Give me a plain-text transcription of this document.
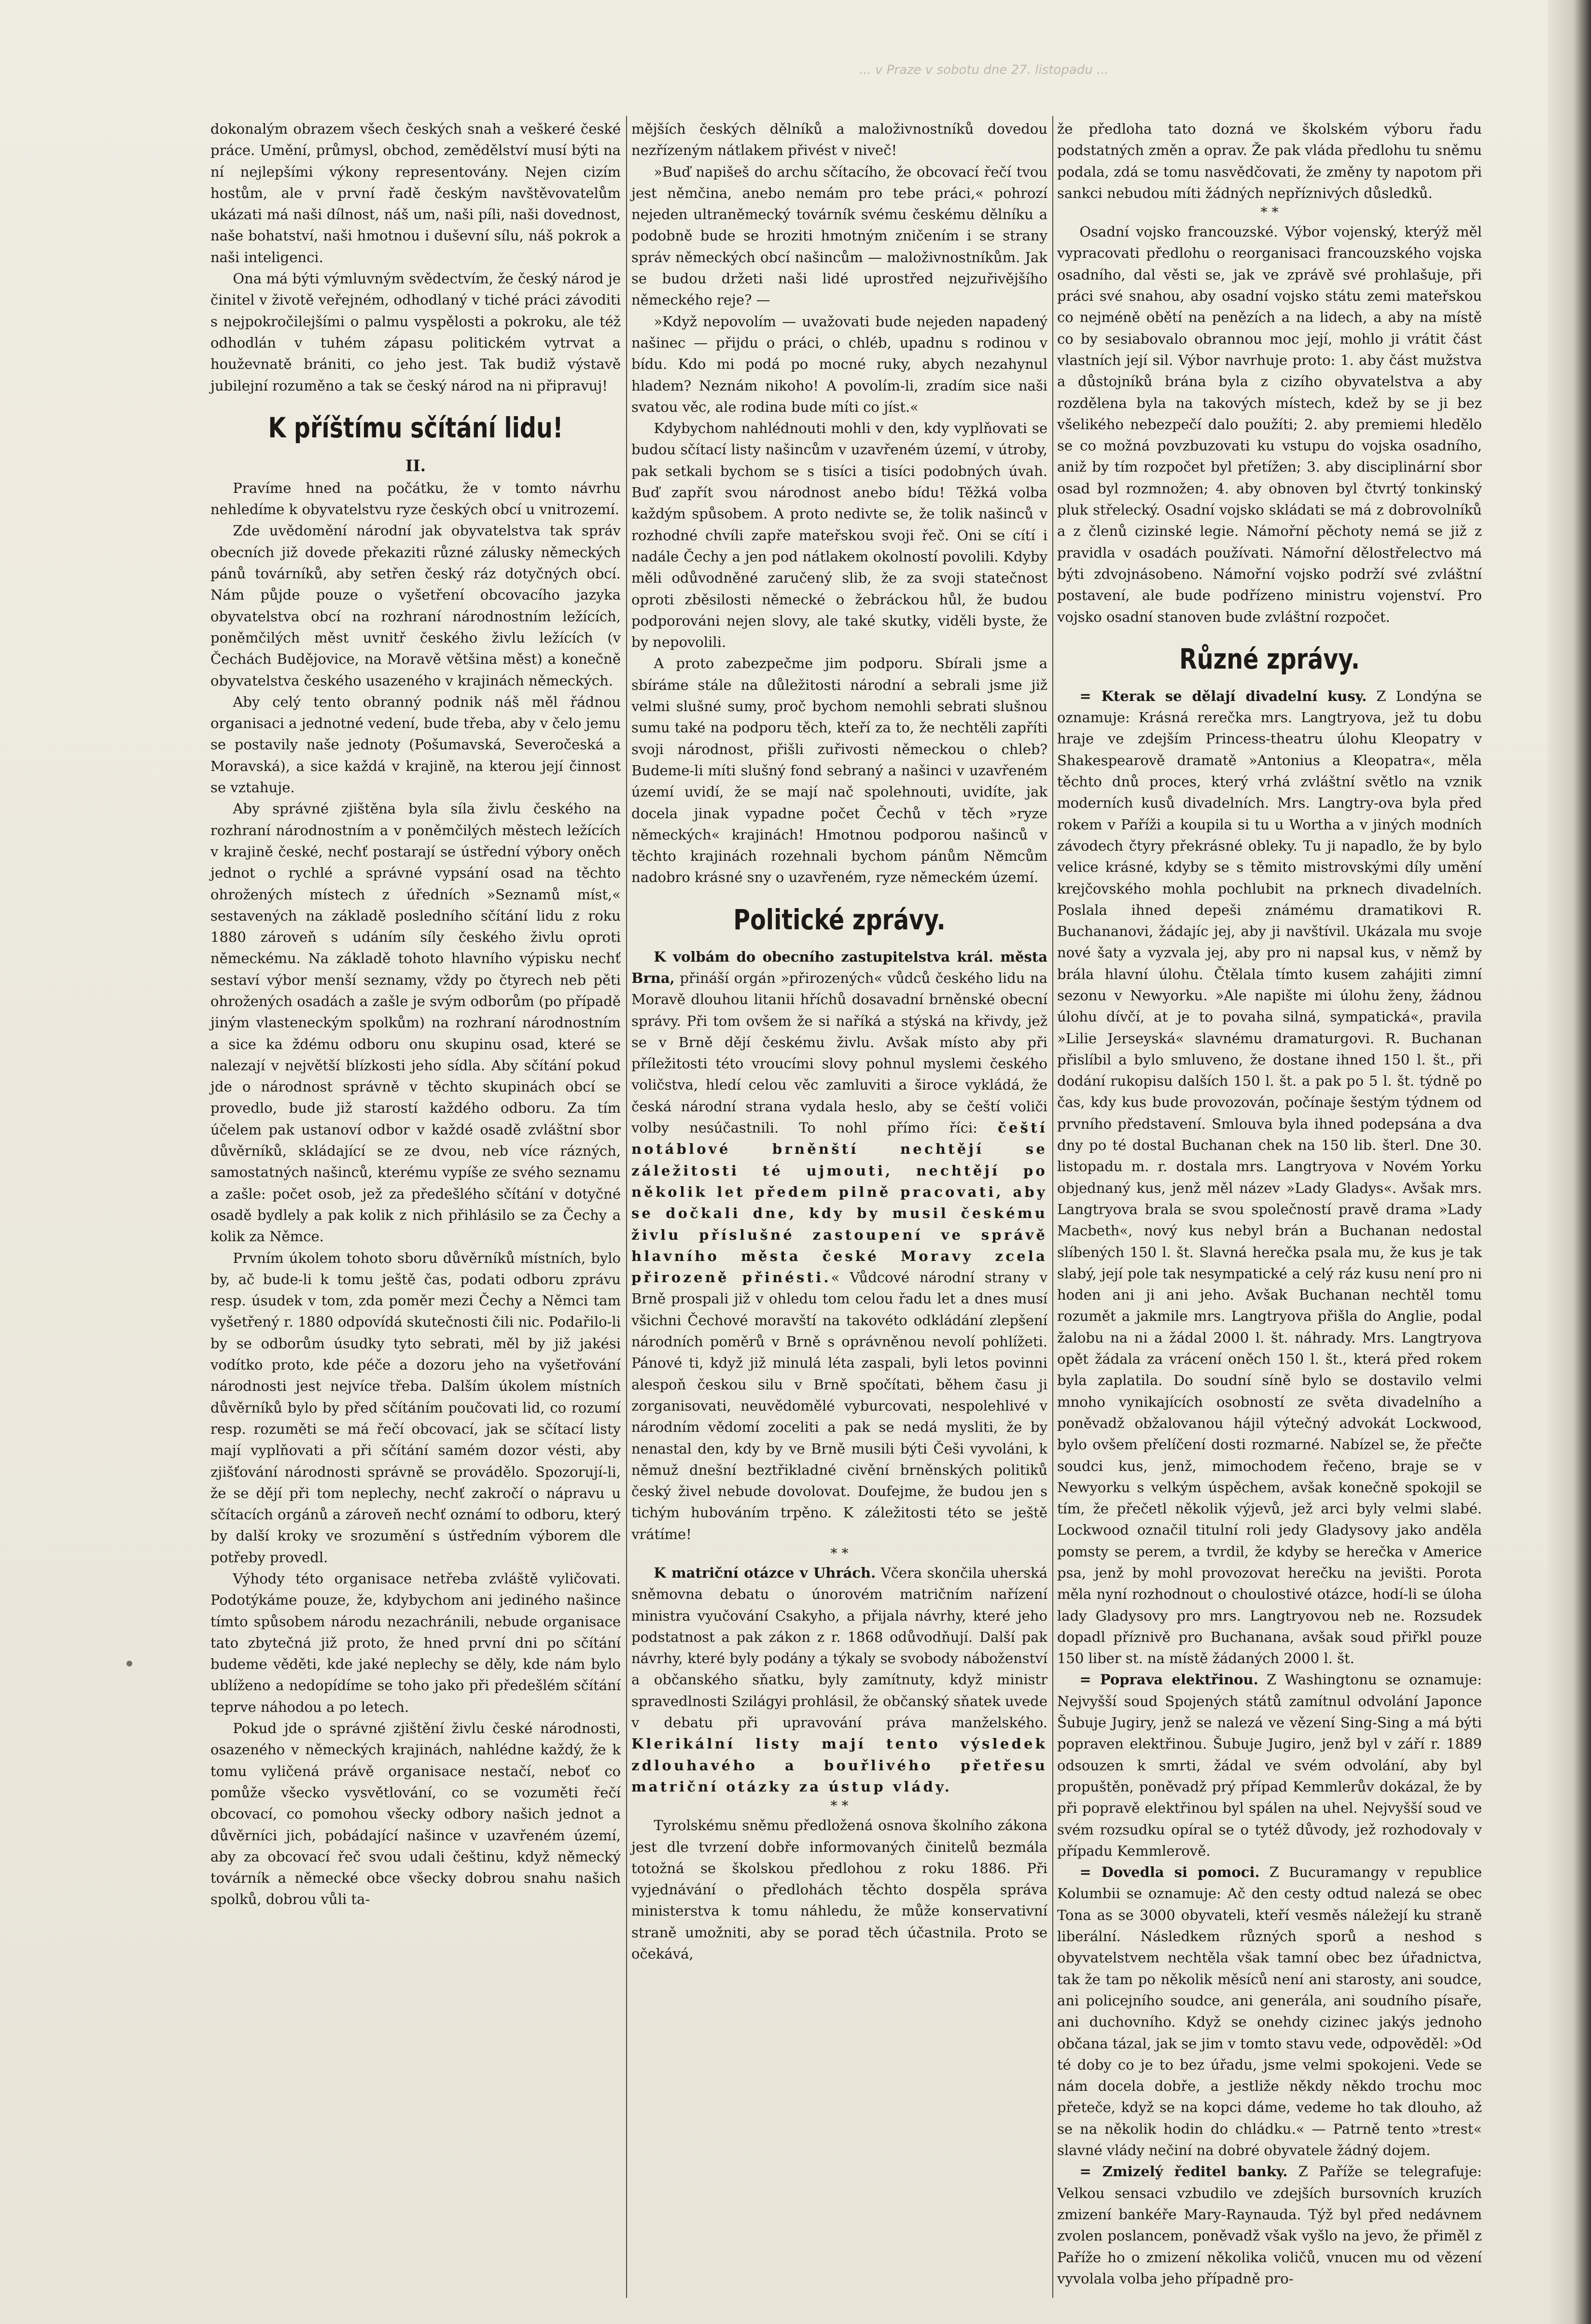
... v Praze v sobotu dne 27. listopadu ...

dokonalým obrazem všech českých snah a veškeré české práce. Umění, průmysl, obchod, zemědělství musí býti na ní nejlepšími výkony representovány. Nejen cizím hostům, ale v první řadě českým navštěvovatelům ukázati má naši dílnost, náš um, naši píli, naši dovednost, naše bohatství, naši hmotnou i duševní sílu, náš pokrok a naši inteligenci.

Ona má býti výmluvným svědectvím, že český národ je činitel v životě veřejném, odhodlaný v tiché práci závoditi s nejpokročilejšími o palmu vyspělosti a pokroku, ale též odhodlán v tuhém zápasu politickém vytrvat a houževnatě brániti, co jeho jest. Tak budiž výstavě jubilejní rozuměno a tak se český národ na ni připravuj!

K příštímu sčítání lidu!
II.

Pravíme hned na počátku, že v tomto návrhu nehledíme k obyvatelstvu ryze českých obcí u vnitrozemí.

Zde uvědomění národní jak obyvatelstva tak správ obecních již dovede překaziti různé zálusky německých pánů továrníků, aby setřen český ráz dotyčných obcí. Nám půjde pouze o vyšetření obcovacího jazyka obyvatelstva obcí na rozhraní národnostním ležících, poněmčilých měst uvnitř českého živlu ležících (v Čechách Budějovice, na Moravě většina měst) a konečně obyvatelstva českého usazeného v krajinách německých.

Aby celý tento obranný podnik náš měl řádnou organisaci a jednotné vedení, bude třeba, aby v čelo jemu se postavily naše jednoty (Pošumavská, Severočeská a Moravská), a sice každá v krajině, na kterou její činnost se vztahuje.

Aby správné zjištěna byla síla živlu českého na rozhraní národnostním a v poněmčilých městech ležících v krajině české, nechť postarají se ústřední výbory oněch jednot o rychlé a správné vypsání osad na těchto ohrožených místech z úředních »Seznamů míst,« sestavených na základě posledního sčítání lidu z roku 1880 zároveň s udáním síly českého živlu oproti německému. Na základě tohoto hlavního výpisku nechť sestaví výbor menší seznamy, vždy po čtyrech neb pěti ohrožených osadách a zašle je svým odborům (po případě jiným vlasteneckým spolkům) na rozhraní národnostním a sice ka ždému odboru onu skupinu osad, které se nalezají v největší blízkosti jeho sídla. Aby sčítání pokud jde o národnost správně v těchto skupinách obcí se provedlo, bude již starostí každého odboru. Za tím účelem pak ustanoví odbor v každé osadě zvláštní sbor důvěrníků, skládající se ze dvou, neb více rázných, samostatných našinců, kterému vypíše ze svého seznamu a zašle: počet osob, jež za předešlého sčítání v dotyčné osadě bydlely a pak kolik z nich přihlásilo se za Čechy a kolik za Němce.

Prvním úkolem tohoto sboru důvěrníků místních, bylo by, ač bude-li k tomu ještě čas, podati odboru zprávu resp. úsudek v tom, zda poměr mezi Čechy a Němci tam vyšetřený r. 1880 odpovídá skutečnosti čili nic. Podařilo-li by se odborům úsudky tyto sebrati, měl by již jakési vodítko proto, kde péče a dozoru jeho na vyšetřování národnosti jest nejvíce třeba. Dalším úkolem místních důvěrníků bylo by před sčítáním poučovati lid, co rozumí resp. rozuměti se má řečí obcovací, jak se sčítací listy mají vyplňovati a při sčítání samém dozor vésti, aby zjišťování národnosti správně se provádělo. Spozorují-li, že se dějí při tom neplechy, nechť zakročí o nápravu u sčítacích orgánů a zároveň nechť oznámí to odboru, který by další kroky ve srozumění s ústředním výborem dle potřeby provedl.

Výhody této organisace netřeba zvláště vyličovati. Podotýkáme pouze, že, kdybychom ani jediného našince tímto spůsobem národu nezachránili, nebude organisace tato zbytečná již proto, že hned první dni po sčítání budeme věděti, kde jaké neplechy se děly, kde nám bylo ublíženo a nedopídíme se toho jako při předešlém sčítání teprve náhodou a po letech.

Pokud jde o správné zjištění živlu české národnosti, osazeného v německých krajinách, nahlédne každý, že k tomu vyličená právě organisace nestačí, neboť co pomůže všecko vysvětlování, co se vozuměti řečí obcovací, co pomohou všecky odbory našich jednot a důvěrníci jich, pobádající našince v uzavřeném území, aby za obcovací řeč svou udali češtinu, když německý továrník a německé obce všecky dobrou snahu našich spolků, dobrou vůli ta-

mějších českých dělníků a maloživnostníků dovedou nezřízeným nátlakem přivést v niveč!

»Buď napišeš do archu sčítacího, že obcovací řečí tvou jest němčina, anebo nemám pro tebe práci,« pohrozí nejeden ultraněmecký továrník svému českému dělníku a podobně bude se hroziti hmotným zničením i se strany správ německých obcí našincům — maloživnostníkům. Jak se budou držeti naši lidé uprostřed nejzuřivějšího německého reje? —

»Když nepovolím — uvažovati bude nejeden napadený našinec — přijdu o práci, o chléb, upadnu s rodinou v bídu. Kdo mi podá po mocné ruky, abych nezahynul hladem? Neznám nikoho! A povolím-li, zradím sice naši svatou věc, ale rodina bude míti co jíst.«

Kdybychom nahlédnouti mohli v den, kdy vyplňovati se budou sčítací listy našincům v uzavřeném území, v útroby, pak setkali bychom se s tisíci a tisíci podobných úvah. Buď zapřít svou národnost anebo bídu! Těžká volba každým spůsobem. A proto nedivte se, že tolik našinců v rozhodné chvíli zapře mateřskou svoji řeč. Oni se cítí i nadále Čechy a jen pod nátlakem okolností povolili. Kdyby měli odůvodněné zaručený slib, že za svoji statečnost oproti zběsilosti německé o žebráckou hůl, že budou podporováni nejen slovy, ale také skutky, viděli byste, že by nepovolili.

A proto zabezpečme jim podporu. Sbírali jsme a sbíráme stále na důležitosti národní a sebrali jsme již velmi slušné sumy, proč bychom nemohli sebrati slušnou sumu také na podporu těch, kteří za to, že nechtěli zapříti svoji národnost, přišli zuřivosti německou o chleb? Budeme-li míti slušný fond sebraný a našinci v uzavřeném území uvidí, že se mají nač spolehnouti, uvidíte, jak docela jinak vypadne počet Čechů v těch »ryze německých« krajinách! Hmotnou podporou našinců v těchto krajinách rozehnali bychom pánům Němcům nadobro krásné sny o uzavřeném, ryze německém území.

Politické zprávy.

K volbám do obecního zastupitelstva král. města Brna, přináší orgán »přirozených« vůdců českého lidu na Moravě dlouhou litanii hříchů dosavadní brněnské obecní správy. Při tom ovšem že si naříká a stýská na křivdy, jež se v Brně dějí českému živlu. Avšak místo aby při příležitosti této vroucími slovy pohnul myslemi českého voličstva, hledí celou věc zamluviti a široce vykládá, že česká národní strana vydala heslo, aby se čeští voliči volby nesúčastnili. To nohl přímo říci: čeští notáblové brněnští nechtějí se záležitosti té ujmouti, nechtějí po několik let předem pilně pracovati, aby se dočkali dne, kdy by musil českému živlu příslušné zastoupení ve správě hlavního města české Moravy zcela přirozeně přinésti.« Vůdcové národní strany v Brně prospali již v ohledu tom celou řadu let a dnes musí všichni Čechové moravští na takovéto odkládání zlepšení národních poměrů v Brně s oprávněnou nevolí pohlížeti. Pánové ti, když již minulá léta zaspali, byli letos povinni alespoň českou silu v Brně spočítati, během času ji zorganisovati, neuvědomělé vyburcovati, nespolehlivé v národním vědomí zoceliti a pak se nedá mysliti, že by nenastal den, kdy by ve Brně musili býti Češi vyvoláni, k němuž dnešní beztřikladné civění brněnských politiků český živel nebude dovolovat. Doufejme, že budou jen s tichým hubováním trpěno. K záležitosti této se ještě vrátíme!

* *

K matriční otázce v Uhrách. Včera skončila uherská sněmovna debatu o únorovém matričním nařízení ministra vyučování Csakyho, a přijala návrhy, které jeho podstatnost a pak zákon z r. 1868 odůvodňují. Další pak návrhy, které byly podány a týkaly se svobody náboženství a občanského sňatku, byly zamítnuty, když ministr spravedlnosti Szilágyi prohlásil, že občanský sňatek uvede v debatu při upravování práva manželského. Klerikální listy mají tento výsledek zdlouhavého a bouřlivého přetřesu matriční otázky za ústup vlády.

* *

Tyrolskému sněmu předložená osnova školního zákona jest dle tvrzení dobře informovaných činitelů bezmála totožná se školskou předlohou z roku 1886. Při vyjednávání o předlohách těchto dospěla správa ministerstva k tomu náhledu, že může konservativní straně umožniti, aby se porad těch účastnila. Proto se očekává,

že předloha tato dozná ve školském výboru řadu podstatných změn a oprav. Že pak vláda předlohu tu sněmu podala, zdá se tomu nasvědčovati, že změny ty napotom při sankci nebudou míti žádných nepříznivých důsledků.

* *

Osadní vojsko francouzské. Výbor vojenský, kterýž měl vypracovati předlohu o reorganisaci francouzského vojska osadního, dal věsti se, jak ve zprávě své prohlašuje, při práci své snahou, aby osadní vojsko státu zemi mateřskou co nejméně obětí na penězích a na lidech, a aby na místě co by sesiabovalo obrannou moc její, mohlo ji vrátit část vlastních její sil. Výbor navrhuje proto: 1. aby část mužstva a důstojníků brána byla z cizího obyvatelstva a aby rozdělena byla na takových místech, kdež by se ji bez všelikého nebezpečí dalo použíti; 2. aby premiemi hledělo se co možná povzbuzovati ku vstupu do vojska osadního, aniž by tím rozpočet byl přetížen; 3. aby disciplinární sbor osad byl rozmnožen; 4. aby obnoven byl čtvrtý tonkinský pluk střelecký. Osadní vojsko skládati se má z dobrovolníků a z členů cizinské legie. Námořní pěchoty nemá se již z pravidla v osadách používati. Námořní dělostřelectvo má býti zdvojnásobeno. Námořní vojsko podrží své zvláštní postavení, ale bude podřízeno ministru vojenství. Pro vojsko osadní stanoven bude zvláštní rozpočet.

Různé zprávy.

= Kterak se dělají divadelní kusy. Z Londýna se oznamuje: Krásná rerečka mrs. Langtryova, jež tu dobu hraje ve zdejším Princess-theatru úlohu Kleopatry v Shakespearově dramatě »Antonius a Kleopatra«, měla těchto dnů proces, který vrhá zvláštní světlo na vznik moderních kusů divadelních. Mrs. Langtry-ova byla před rokem v Paříži a koupila si tu u Wortha a v jiných modních závodech čtyry překrásné obleky. Tu ji napadlo, že by bylo velice krásné, kdyby se s těmito mistrovskými díly umění krejčovského mohla pochlubit na prknech divadelních. Poslala ihned depeši známému dramatikovi R. Buchananovi, žádajíc jej, aby ji navštívil. Ukázala mu svoje nové šaty a vyzvala jej, aby pro ni napsal kus, v němž by brála hlavní úlohu. Čtělala tímto kusem zahájiti zimní sezonu v Newyorku. »Ale napište mi úlohu ženy, žádnou úlohu dívčí, at je to povaha silná, sympatická«, pravila »Lilie Jerseyská« slavnému dramaturgovi. R. Buchanan přislíbil a bylo smluveno, že dostane ihned 150 l. št., při dodání rukopisu dalších 150 l. št. a pak po 5 l. št. týdně po čas, kdy kus bude provozován, počínaje šestým týdnem od prvního představení. Smlouva byla ihned podepsána a dva dny po té dostal Buchanan chek na 150 lib. šterl. Dne 30. listopadu m. r. dostala mrs. Langtryova v Novém Yorku objednaný kus, jenž měl název »Lady Gladys«. Avšak mrs. Langtryova brala se svou společností pravě drama »Lady Macbeth«, nový kus nebyl brán a Buchanan nedostal slíbených 150 l. št. Slavná herečka psala mu, že kus je tak slabý, její pole tak nesympatické a celý ráz kusu není pro ni hoden ani ji ani jeho. Avšak Buchanan nechtěl tomu rozumět a jakmile mrs. Langtryova přišla do Anglie, podal žalobu na ni a žádal 2000 l. št. náhrady. Mrs. Langtryova opět žádala za vrácení oněch 150 l. št., která před rokem byla zaplatila. Do soudní síně bylo se dostavilo velmi mnoho vynikajících osobností ze světa divadelního a poněvadž obžalovanou hájil výtečný advokát Lockwood, bylo ovšem přelíčení dosti rozmarné. Nabízel se, že přečte soudci kus, jenž, mimochodem řečeno, braje se v Newyorku s velkým úspěchem, avšak konečně spokojil se tím, že přečetl několik výjevů, jež arci byly velmi slabé. Lockwood označil titulní roli jedy Gladysovy jako anděla pomsty se perem, a tvrdil, že kdyby se herečka v Americe psa, jenž by mohl provozovat herečku na jevišti. Porota měla nyní rozhodnout o choulostivé otázce, hodí-li se úloha lady Gladysovy pro mrs. Langtryovou neb ne. Rozsudek dopadl příznivě pro Buchanana, avšak soud přiřkl pouze 150 liber st. na místě žádaných 2000 l. št.

= Poprava elektřinou. Z Washingtonu se oznamuje: Nejvyšší soud Spojených států zamítnul odvolání Japonce Šubuje Jugiry, jenž se nalezá ve vězení Sing-Sing a má býti popraven elektřinou. Šubuje Jugiro, jenž byl v září r. 1889 odsouzen k smrti, žádal ve svém odvolání, aby byl propuštěn, poněvadž prý případ Kemmlerův dokázal, že by při popravě elektřinou byl spálen na uhel. Nejvyšší soud ve svém rozsudku opíral se o tytéž důvody, jež rozhodovaly v případu Kemmlerově.

= Dovedla si pomoci. Z Bucuramangy v republice Kolumbii se oznamuje: Ač den cesty odtud nalezá se obec Tona as se 3000 obyvateli, kteří vesměs náležejí ku straně liberální. Následkem různých sporů a neshod s obyvatelstvem nechtěla však tamní obec bez úřadnictva, tak že tam po několik měsíců není ani starosty, ani soudce, ani policejního soudce, ani generála, ani soudního písaře, ani duchovního. Když se onehdy cizinec jakýs jednoho občana tázal, jak se jim v tomto stavu vede, odpověděl: »Od té doby co je to bez úřadu, jsme velmi spokojeni. Vede se nám docela dobře, a jestliže někdy někdo trochu moc přeteče, když se na kopci dáme, vedeme ho tak dlouho, až se na několik hodin do chládku.« — Patrně tento »trest« slavné vlády nečiní na dobré obyvatele žádný dojem.

= Zmizelý ředitel banky. Z Paříže se telegrafuje: Velkou sensaci vzbudilo ve zdejších bursovních kruzích zmizení bankéře Mary-Raynauda. Týž byl před nedávnem zvolen poslancem, poněvadž však vyšlo na jevo, že přiměl z Paříže ho o zmizení několika voličů, vnucen mu od vězení vyvolala volba jeho případně pro-
